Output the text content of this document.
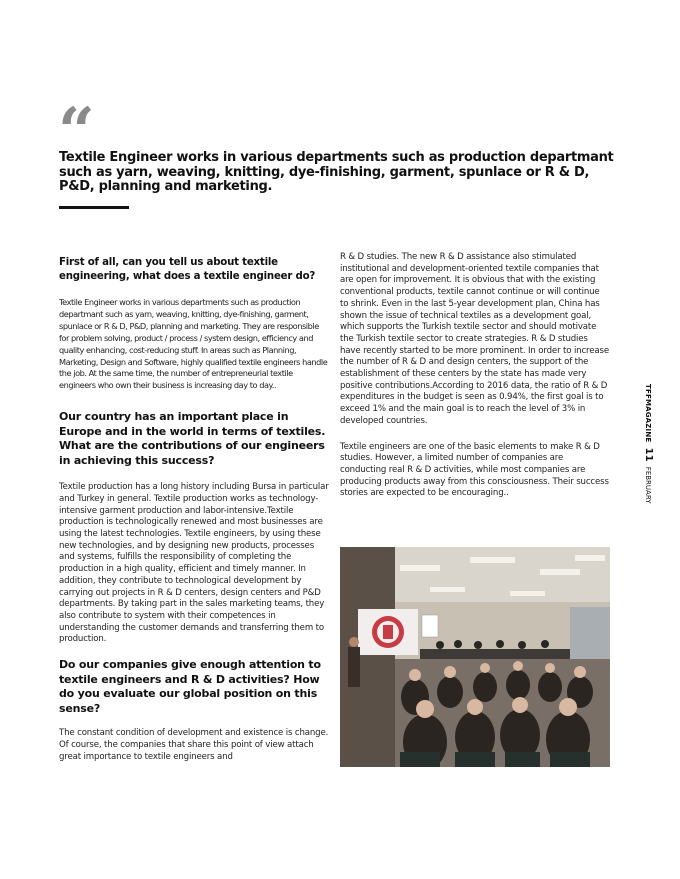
“
Textile Engineer works in various departments such as production departmant such as yarn, weaving, knitting, dye-finishing, garment, spunlace or R & D, P&D, planning and marketing.
First of all, can you tell us about textile engineering, what does a textile engineer do?
Textile Engineer works in various departments such as production departmant such as yarn, weaving, knitting, dye-finishing, garment, spunlace or R & D, P&D, planning and marketing. They are responsible for problem solving, product / process / system design, efficiency and quality enhancing, cost-reducing stuff. In areas such as Planning, Marketing, Design and Software, highly qualified textile engineers handle the job. At the same time, the number of entrepreneurial textile engineers who own their business is increasing day to day..
Our country has an important place in Europe and in the world in terms of textiles. What are the contributions of our engineers in achieving this success?
Textile production has a long history including Bursa in particular and Turkey in general. Textile production works as technology-intensive garment production and labor-intensive.Textile production is technologically renewed and most businesses are using the latest technologies. Textile engineers, by using these new technologies, and by designing new products, processes and systems, fulfills the responsibility of completing the production in a high quality, efficient and timely manner. In addition, they contribute to technological development by carrying out projects in R & D centers, design centers and P&D departments. By taking part in the sales marketing teams, they also contribute to system with their competences in understanding the customer demands and transferring them to production.
Do our companies give enough attention to textile engineers and R & D activities? How do you evaluate our global position on this sense?
The constant condition of development and existence is change. Of course, the companies that share this point of view attach great importance to textile engineers and
R & D studies. The new R & D assistance also stimulated institutional and development-oriented textile companies that are open for improvement. It is obvious that with the existing conventional products, textile cannot continue or will continue to shrink. Even in the last 5-year development plan, China has shown the issue of technical textiles as a development goal, which supports the Turkish textile sector and should motivate the Turkish textile sector to create strategies. R & D studies have recently started to be more prominent. In order to increase the number of R & D and design centers, the support of the establishment of these centers by the state has made very positive contributions.According to 2016 data, the ratio of R & D expenditures in the budget is seen as 0.94%, the first goal is to exceed 1% and the main goal is to reach the level of 3% in developed countries.
Textile engineers are one of the basic elements to make R & D studies. However, a limited number of companies are conducting real R & D activities, while most companies are producing products away from this consciousness. Their success stories are expected to be encouraging..
TFFMAGAZINE 11 FEBRUARY
